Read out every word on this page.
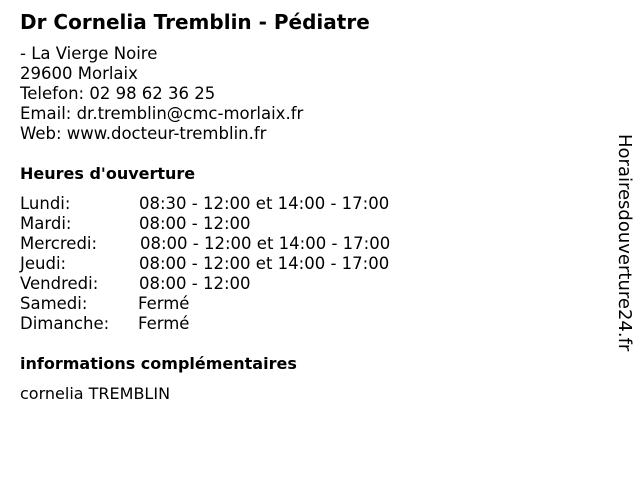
Dr Cornelia Tremblin - Pédiatre
- La Vierge Noire
29600 Morlaix
Telefon: 02 98 62 36 25
Email: dr.tremblin@cmc-morlaix.fr
Web: www.docteur-tremblin.fr
Heures d'ouverture
Lundi:	08:30 - 12:00 et 14:00 - 17:00
Mardi:	08:00 - 12:00
Mercredi:	08:00 - 12:00 et 14:00 - 17:00
Jeudi:	08:00 - 12:00 et 14:00 - 17:00
Vendredi: 08:00 - 12:00
Samedi:	Fermé
Dimanche: Fermé
informations complémentaires
cornelia TREMBLIN
Horairesdouverture24.fr
